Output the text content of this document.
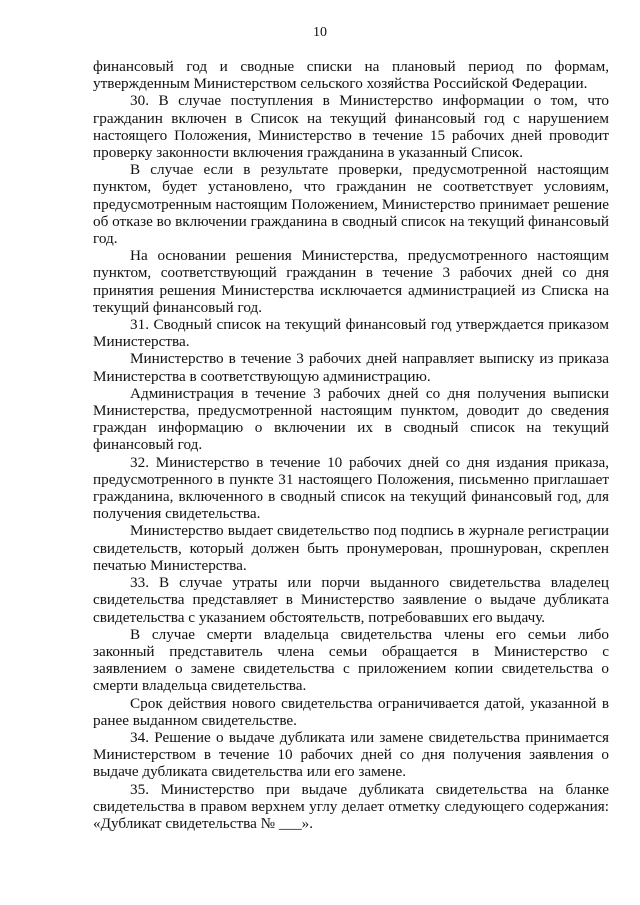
10

финансовый год и сводные списки на плановый период по формам, утвержденным Министерством сельского хозяйства Российской Федерации.

30. В случае поступления в Министерство информации о том, что гражданин включен в Список на текущий финансовый год с нарушением настоящего Положения, Министерство в течение 15 рабочих дней проводит проверку законности включения гражданина в указанный Список.

В случае если в результате проверки, предусмотренной настоящим пунктом, будет установлено, что гражданин не соответствует условиям, предусмотренным настоящим Положением, Министерство принимает решение об отказе во включении гражданина в сводный список на текущий финансовый год.

На основании решения Министерства, предусмотренного настоящим пунктом, соответствующий гражданин в течение 3 рабочих дней со дня принятия решения Министерства исключается администрацией из Списка на текущий финансовый год.

31. Сводный список на текущий финансовый год утверждается приказом Министерства.

Министерство в течение 3 рабочих дней направляет выписку из приказа Министерства в соответствующую администрацию.

Администрация в течение 3 рабочих дней со дня получения выписки Министерства, предусмотренной настоящим пунктом, доводит до сведения граждан информацию о включении их в сводный список на текущий финансовый год.

32. Министерство в течение 10 рабочих дней со дня издания приказа, предусмотренного в пункте 31 настоящего Положения, письменно приглашает гражданина, включенного в сводный список на текущий финансовый год, для получения свидетельства.

Министерство выдает свидетельство под подпись в журнале регистрации свидетельств, который должен быть пронумерован, прошнурован, скреплен печатью Министерства.

33. В случае утраты или порчи выданного свидетельства владелец свидетельства представляет в Министерство заявление о выдаче дубликата свидетельства с указанием обстоятельств, потребовавших его выдачу.

В случае смерти владельца свидетельства члены его семьи либо законный представитель члена семьи обращается в Министерство с заявлением о замене свидетельства с приложением копии свидетельства о смерти владельца свидетельства.

Срок действия нового свидетельства ограничивается датой, указанной в ранее выданном свидетельстве.

34. Решение о выдаче дубликата или замене свидетельства принимается Министерством в течение 10 рабочих дней со дня получения заявления о выдаче дубликата свидетельства или его замене.

35. Министерство при выдаче дубликата свидетельства на бланке свидетельства в правом верхнем углу делает отметку следующего содержания: «Дубликат свидетельства № ___».
